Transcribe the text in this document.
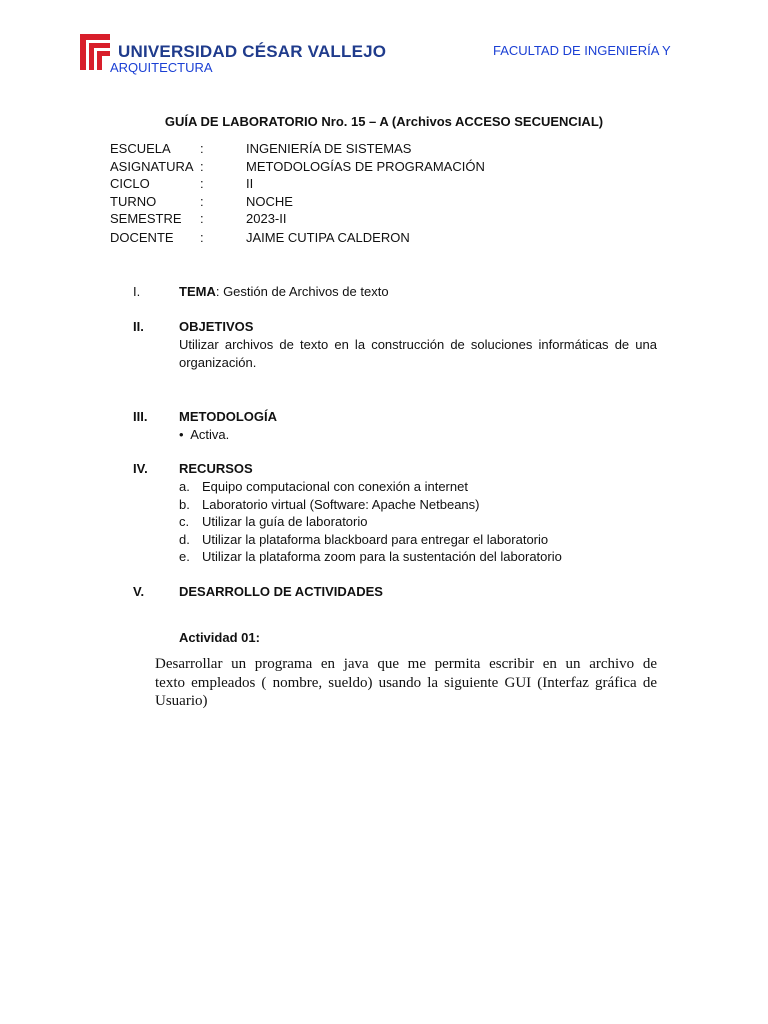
UNIVERSIDAD CÉSAR VALLEJO	FACULTAD DE INGENIERÍA Y
ARQUITECTURA
GUÍA DE LABORATORIO Nro. 15 – A (Archivos ACCESO SECUENCIAL)
ESCUELA :	INGENIERÍA DE SISTEMAS
ASIGNATURA :	METODOLOGÍAS DE PROGRAMACIÓN
CICLO	:	II
TURNO	:	NOCHE
SEMESTRE :	2023-II
DOCENTE :	JAIME CUTIPA CALDERON
I.	TEMA: Gestión de Archivos de texto
II.	OBJETIVOS
Utilizar archivos de texto en la construcción de soluciones informáticas de una
organización.
III. METODOLOGÍA
• Activa.
IV. RECURSOS
a. Equipo computacional con conexión a internet
b. Laboratorio virtual (Software: Apache Netbeans)
c. Utilizar la guía de laboratorio
d. Utilizar la plataforma blackboard para entregar el laboratorio
e. Utilizar la plataforma zoom para la sustentación del laboratorio
V.	DESARROLLO DE ACTIVIDADES
Actividad 01:
Desarrollar un programa en java que me permita escribir en un archivo de
texto empleados ( nombre, sueldo) usando la siguiente GUI (Interfaz gráfica de
Usuario)
